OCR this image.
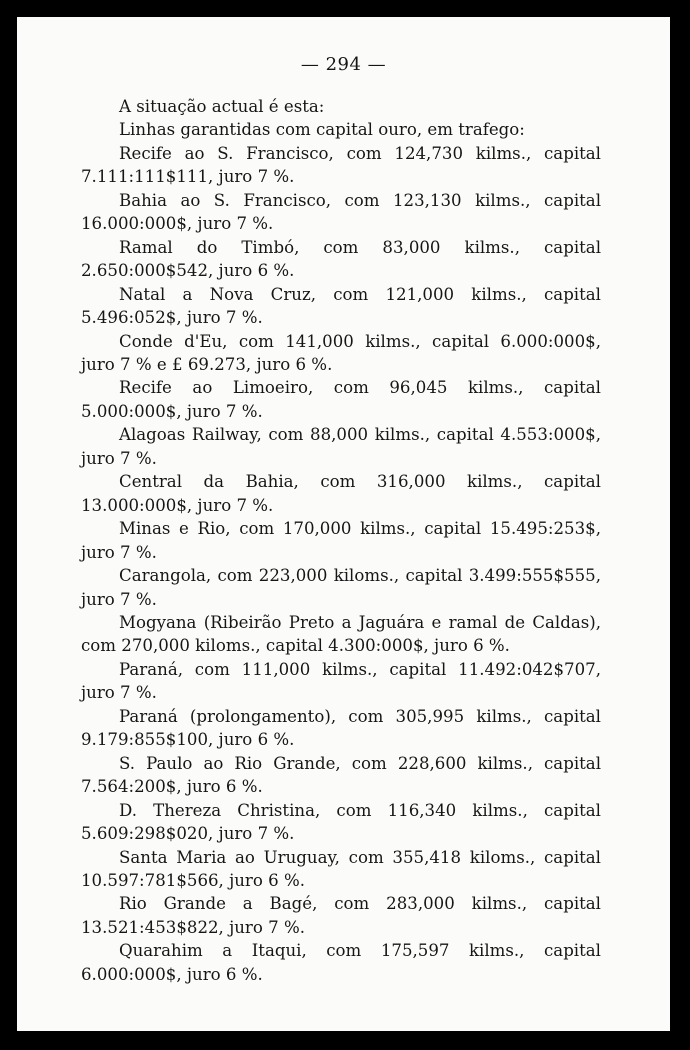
— 294 —

A situação actual é esta:

Linhas garantidas com capital ouro, em trafego:

Recife ao S. Francisco, com 124,730 kilms., capital 7.111:111$111, juro 7 %.

Bahia ao S. Francisco, com 123,130 kilms., capital 16.000:000$, juro 7 %.

Ramal do Timbó, com 83,000 kilms., capital 2.650:000$542, juro 6 %.

Natal a Nova Cruz, com 121,000 kilms., capital 5.496:052$, juro 7 %.

Conde d'Eu, com 141,000 kilms., capital 6.000:000$, juro 7 % e £ 69.273, juro 6 %.

Recife ao Limoeiro, com 96,045 kilms., capital 5.000:000$, juro 7 %.

Alagoas Railway, com 88,000 kilms., capital 4.553:000$, juro 7 %.

Central da Bahia, com 316,000 kilms., capital 13.000:000$, juro 7 %.

Minas e Rio, com 170,000 kilms., capital 15.495:253$, juro 7 %.

Carangola, com 223,000 kiloms., capital 3.499:555$555, juro 7 %.

Mogyana (Ribeirão Preto a Jaguára e ramal de Caldas), com 270,000 kiloms., capital 4.300:000$, juro 6 %.

Paraná, com 111,000 kilms., capital 11.492:042$707, juro 7 %.

Paraná (prolongamento), com 305,995 kilms., capital 9.179:855$100, juro 6 %.

S. Paulo ao Rio Grande, com 228,600 kilms., capital 7.564:200$, juro 6 %.

D. Thereza Christina, com 116,340 kilms., capital 5.609:298$020, juro 7 %.

Santa Maria ao Uruguay, com 355,418 kiloms., capital 10.597:781$566, juro 6 %.

Rio Grande a Bagé, com 283,000 kilms., capital 13.521:453$822, juro 7 %.

Quarahim a Itaqui, com 175,597 kilms., capital 6.000:000$, juro 6 %.
